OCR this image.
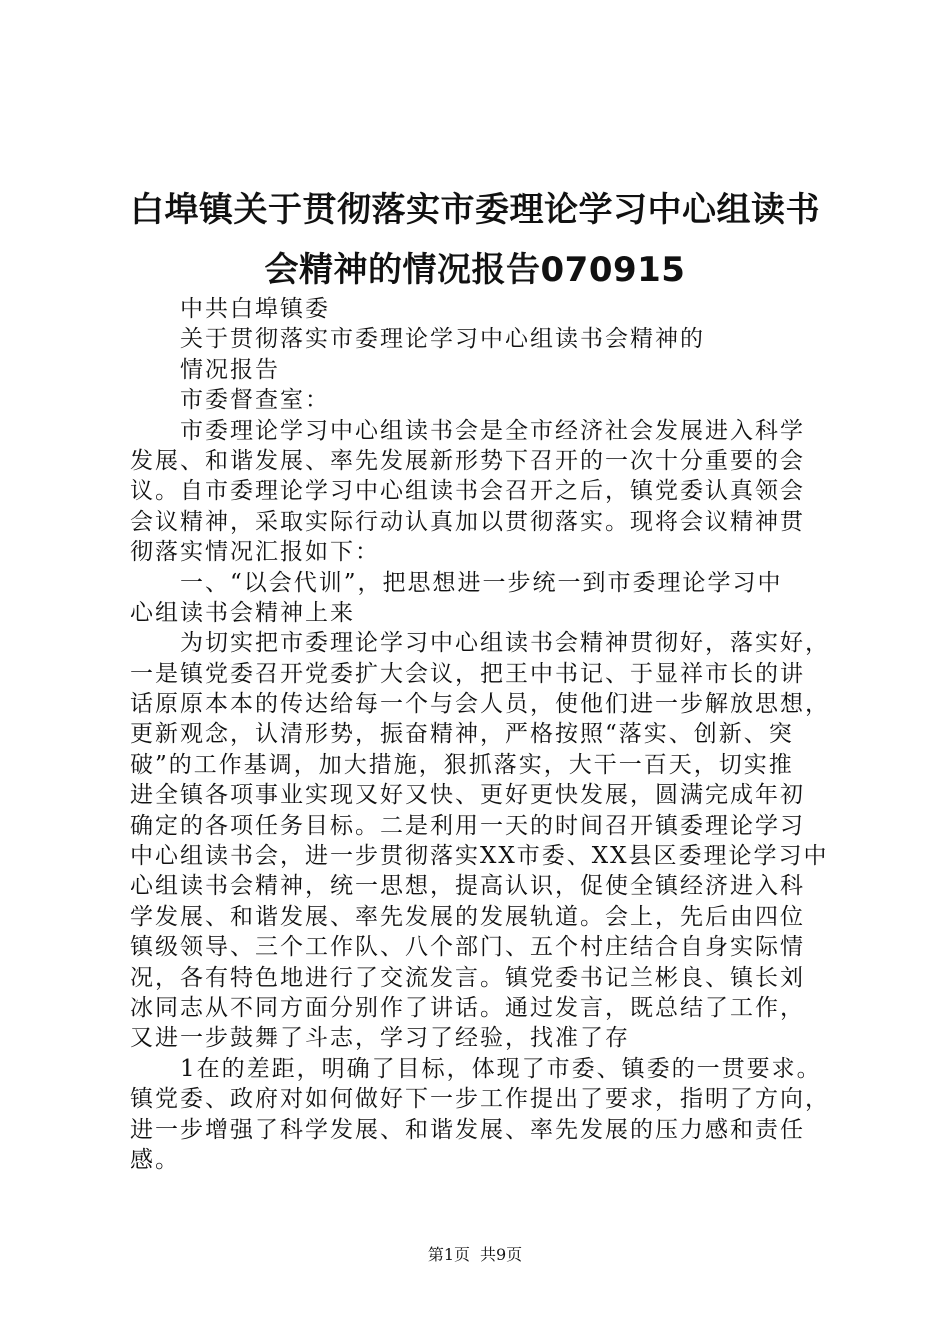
白埠镇关于贯彻落实市委理论学习中心组读书
会精神的情况报告070915
中共白埠镇委
关于贯彻落实市委理论学习中心组读书会精神的
情况报告
市委督查室：
市委理论学习中心组读书会是全市经济社会发展进入科学
发展、和谐发展、率先发展新形势下召开的一次十分重要的会
议。自市委理论学习中心组读书会召开之后，镇党委认真领会
会议精神，采取实际行动认真加以贯彻落实。现将会议精神贯
彻落实情况汇报如下：
一、“以会代训”，把思想进一步统一到市委理论学习中
心组读书会精神上来
为切实把市委理论学习中心组读书会精神贯彻好，落实好，
一是镇党委召开党委扩大会议，把王中书记、于显祥市长的讲
话原原本本的传达给每一个与会人员，使他们进一步解放思想，
更新观念，认清形势，振奋精神，严格按照“落实、创新、突
破”的工作基调，加大措施，狠抓落实，大干一百天，切实推
进全镇各项事业实现又好又快、更好更快发展，圆满完成年初
确定的各项任务目标。二是利用一天的时间召开镇委理论学习
中心组读书会，进一步贯彻落实XX市委、XX县区委理论学习中
心组读书会精神，统一思想，提高认识，促使全镇经济进入科
学发展、和谐发展、率先发展的发展轨道。会上，先后由四位
镇级领导、三个工作队、八个部门、五个村庄结合自身实际情
况，各有特色地进行了交流发言。镇党委书记兰彬良、镇长刘
冰同志从不同方面分别作了讲话。通过发言，既总结了工作，
又进一步鼓舞了斗志，学习了经验，找准了存
1在的差距，明确了目标，体现了市委、镇委的一贯要求。
镇党委、政府对如何做好下一步工作提出了要求，指明了方向，
进一步增强了科学发展、和谐发展、率先发展的压力感和责任
感。
第1页 共9页
